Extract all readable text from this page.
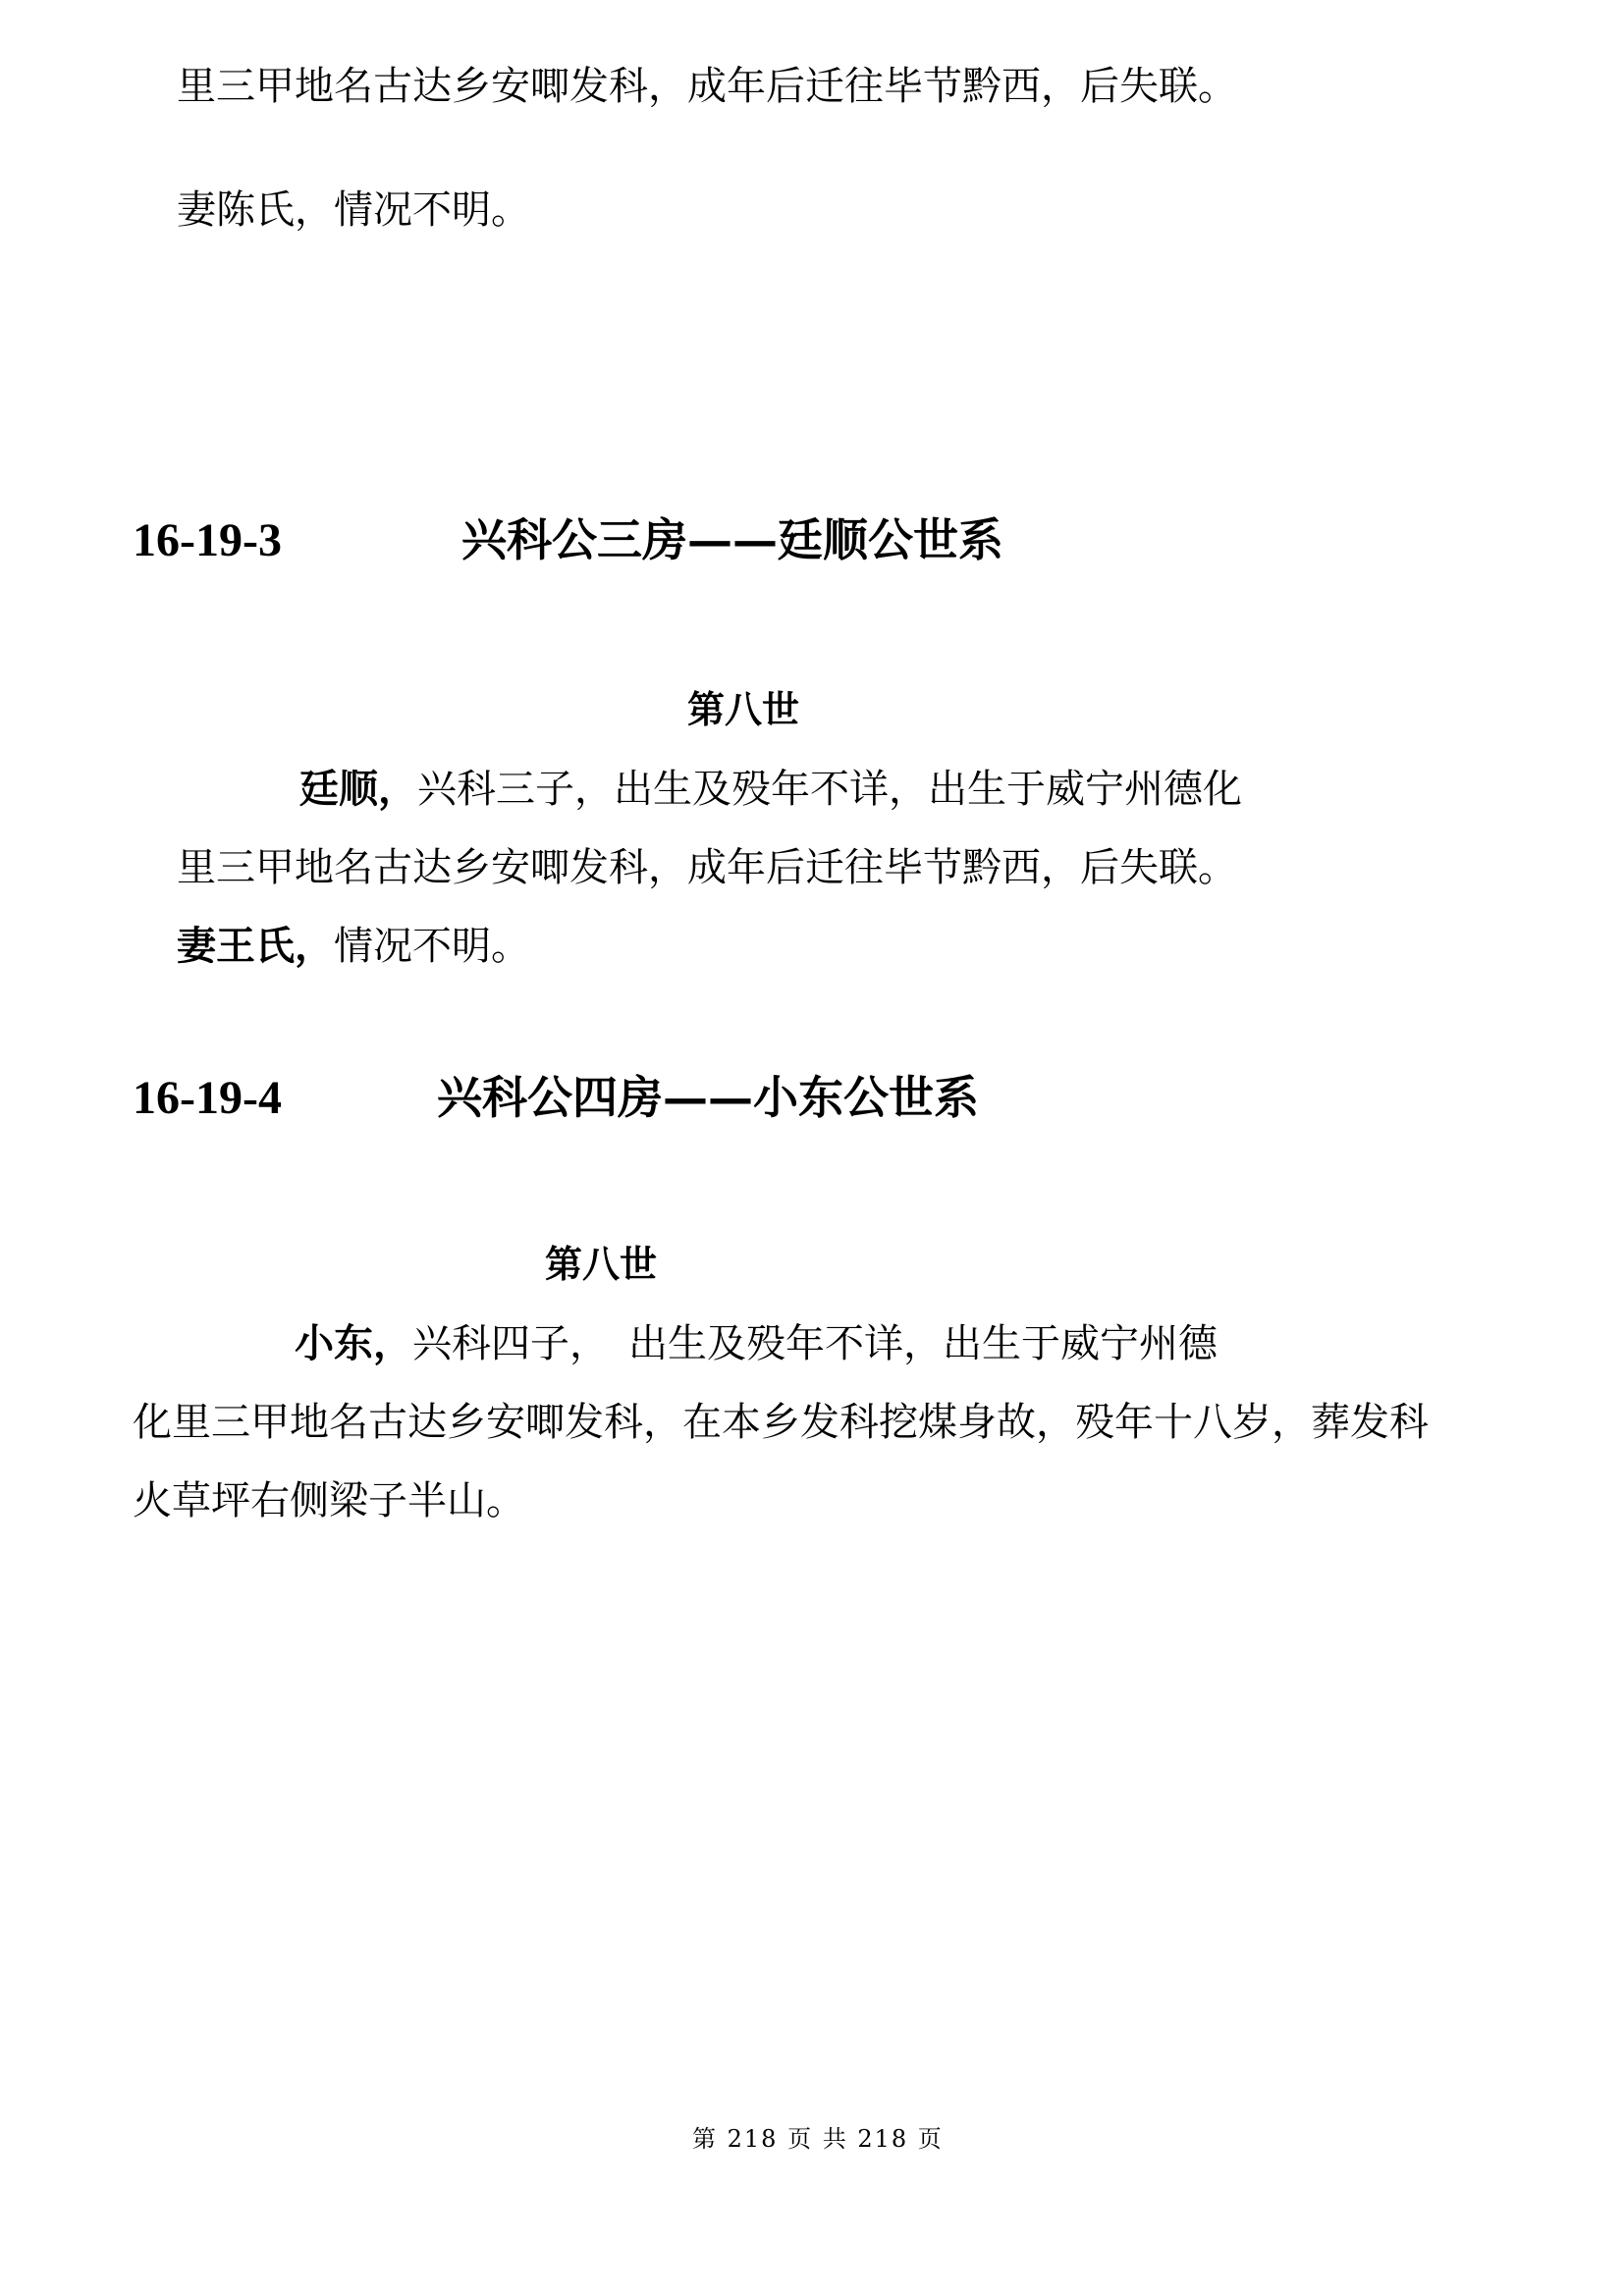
里三甲地名古达乡安唧发科，成年后迁往毕节黔西，后失联。
妻陈氏，情况不明。
16-19-3	兴科公三房——廷顺公世系
第八世
廷顺，兴科三子，出生及殁年不详，出生于威宁州德化
里三甲地名古达乡安唧发科，成年后迁往毕节黔西，后失联。
妻王氏，情况不明。
16-19-4	兴科公四房——小东公世系
第八世
小东，兴科四子，　出生及殁年不详，出生于威宁州德
化里三甲地名古达乡安唧发科，在本乡发科挖煤身故，殁年十八岁，葬发科
火草坪右侧梁子半山。
第 218 页 共 218 页
